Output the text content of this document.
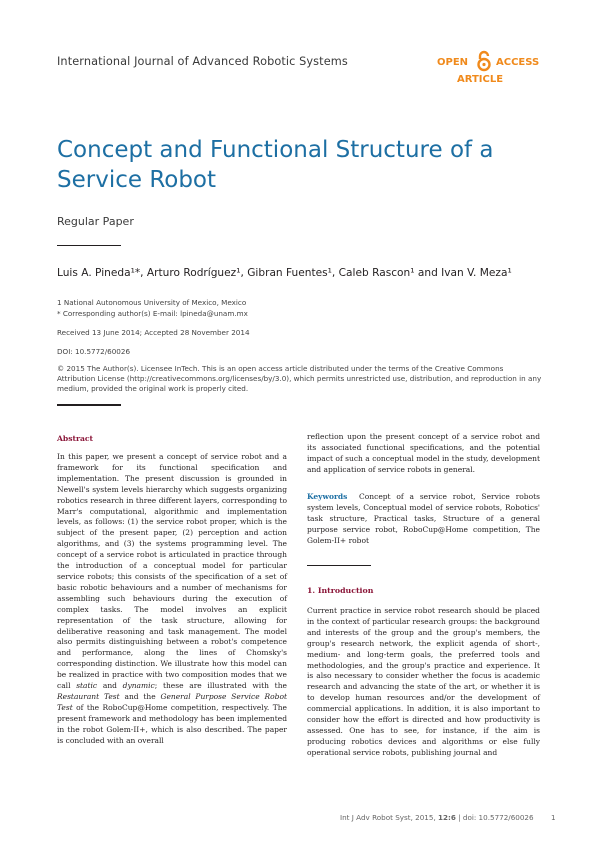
International Journal of Advanced Robotic Systems	OPEN	ACCESS
ARTICLE
Concept and Functional Structure of a Service Robot
Regular Paper
Luis A. Pineda¹*, Arturo Rodríguez¹, Gibran Fuentes¹, Caleb Rascon¹ and Ivan V. Meza¹
1 National Autonomous University of Mexico, Mexico
* Corresponding author(s) E-mail: lpineda@unam.mx
Received 13 June 2014; Accepted 28 November 2014
DOI: 10.5772/60026
© 2015 The Author(s). Licensee InTech. This is an open access article distributed under the terms of the Creative Commons Attribution License (http://creativecommons.org/licenses/by/3.0), which permits unrestricted use, distribution, and reproduction in any medium, provided the original work is properly cited.
Abstract

In this paper, we present a concept of service robot and a framework for its functional specification and implementation. The present discussion is grounded in Newell's system levels hierarchy which suggests organizing robotics research in three different layers, corresponding to Marr's computational, algorithmic and implementation levels, as follows: (1) the service robot proper, which is the subject of the present paper, (2) perception and action algorithms, and (3) the systems programming level. The concept of a service robot is articulated in practice through the introduction of a conceptual model for particular service robots; this consists of the specification of a set of basic robotic behaviours and a number of mechanisms for assembling such behaviours during the execution of complex tasks. The model involves an explicit representation of the task structure, allowing for deliberative reasoning and task management. The model also permits distinguishing between a robot's competence and performance, along the lines of Chomsky's corresponding distinction. We illustrate how this model can be realized in practice with two composition modes that we call static and dynamic; these are illustrated with the Restaurant Test and the General Purpose Service Robot Test of the RoboCup@Home competition, respectively. The present framework and methodology has been implemented in the robot Golem-II+, which is also described. The paper is concluded with an overall

reflection upon the present concept of a service robot and its associated functional specifications, and the potential impact of such a conceptual model in the study, development and application of service robots in general.

Keywords Concept of a service robot, Service robots system levels, Conceptual model of service robots, Robotics' task structure, Practical tasks, Structure of a general purpose service robot, RoboCup@Home competition, The Golem-II+ robot

1. Introduction
Current practice in service robot research should be placed in the context of particular research groups: the background and interests of the group and the group's members, the group's research network, the explicit agenda of short-, medium- and long-term goals, the preferred tools and methodologies, and the group's practice and experience. It is also necessary to consider whether the focus is academic research and advancing the state of the art, or whether it is to develop human resources and/or the development of commercial applications. In addition, it is also important to consider how the effort is directed and how productivity is assessed. One has to see, for instance, if the aim is producing robotics devices and algorithms or else fully operational service robots, publishing journal and
Int J Adv Robot Syst, 2015, 12:6 | doi: 10.5772/60026 1
